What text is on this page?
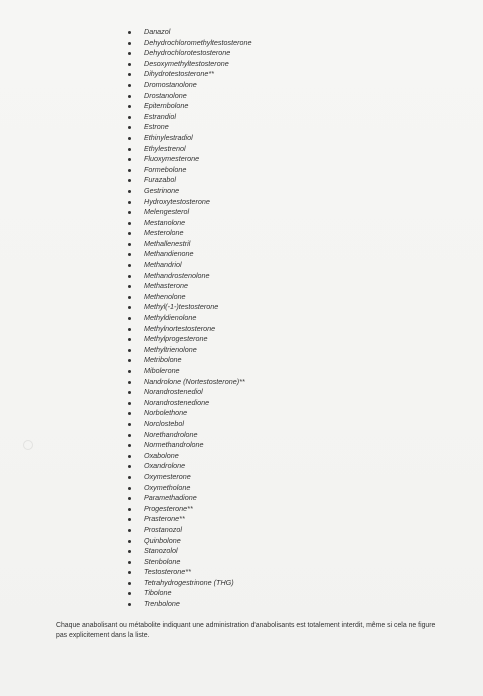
Danazol
Dehydrochloromethyltestosterone
Dehydrochlorotestosterone
Desoxymethyltestosterone
Dihydrotestosterone**
Dromostanolone
Drostanolone
Epiternbolone
Estrandiol
Estrone
Ethinylestradiol
Ethylestrenol
Fluoxymesterone
Formebolone
Furazabol
Gestrinone
Hydroxytestosterone
Melengesterol
Mestanolone
Mesterolone
Methallenestril
Methandienone
Methandriol
Methandrostenolone
Methasterone
Methenolone
Methyl(-1-)testosterone
Methyldienolone
Methylnortestosterone
Methylprogesterone
Methyltrienolone
Metribolone
Mibolerone
Nandrolone (Nortestosterone)**
Norandrostenediol
Norandrostenedione
Norbolethone
Norclostebol
Norethandrolone
Normethandrolone
Oxabolone
Oxandrolone
Oxymesterone
Oxymetholone
Paramethadione
Progesterone**
Prasterone**
Prostanozol
Quinbolone
Stanozolol
Stenbolone
Testosterone**
Tetrahydrogestrinone (THG)
Tibolone
Trenbolone

Chaque anabolisant ou métabolite indiquant une administration d'anabolisants est totalement interdit, même si cela ne figure pas explicitement dans la liste.
